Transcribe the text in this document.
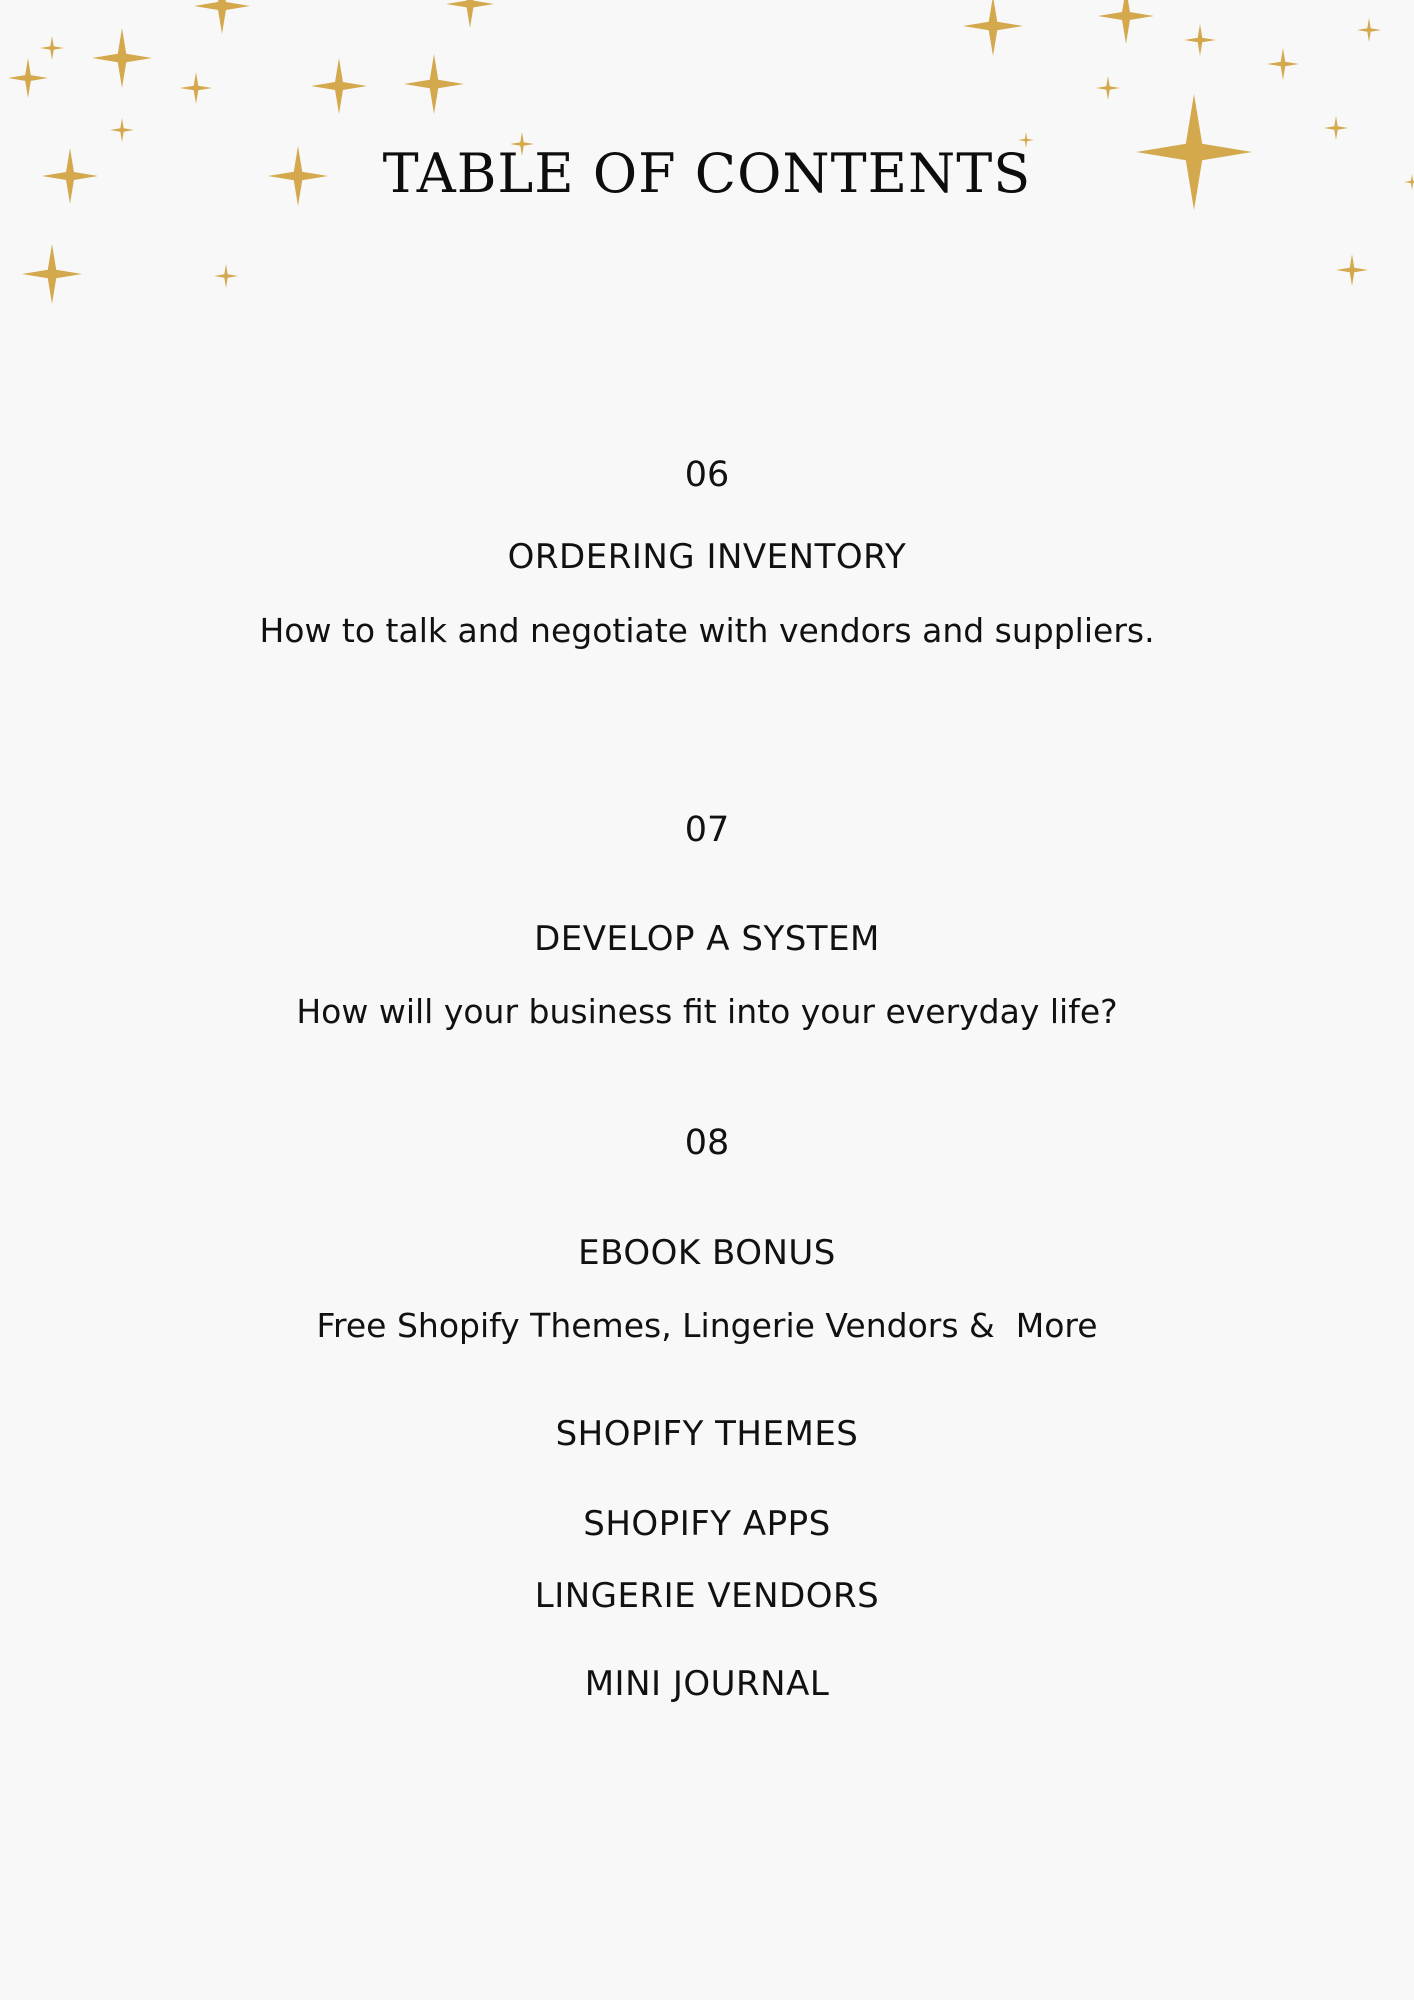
TABLE OF CONTENTS
06
ORDERING INVENTORY
How to talk and negotiate with vendors and suppliers.
07
DEVELOP A SYSTEM
How will your business fit into your everyday life?
08
EBOOK BONUS
Free Shopify Themes, Lingerie Vendors &  More
SHOPIFY THEMES
SHOPIFY APPS
LINGERIE VENDORS
MINI JOURNAL
